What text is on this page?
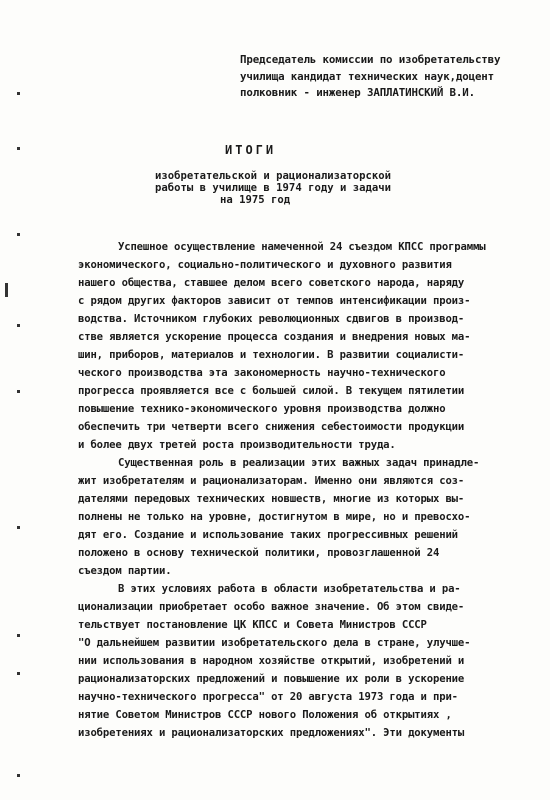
Председатель комиссии по изобретательству
училища кандидат технических наук,доцент
полковник - инженер ЗАПЛАТИНСКИЙ В.И.
ИТОГИ
изобретательской и рационализаторской
работы в училище в 1974 году и задачи
на 1975 год
Успешное осуществление намеченной 24 съездом КПСС программы
экономического, социально-политического и духовного развития
нашего общества, ставшее делом всего советского народа, наряду
с рядом других факторов зависит от темпов интенсификации произ-
водства. Источником глубоких революционных сдвигов в производ-
стве является ускорение процесса создания и внедрения новых ма-
шин, приборов, материалов и технологии. В развитии социалисти-
ческого производства эта закономерность научно-технического
прогресса проявляется все с большей силой. В текущем пятилетии
повышение технико-экономического уровня производства должно
обеспечить три четверти всего снижения себестоимости продукции
и более двух третей роста производительности труда.
Существенная роль в реализации этих важных задач принадле-
жит изобретателям и рационализаторам. Именно они являются соз-
дателями передовых технических новшеств, многие из которых вы-
полнены не только на уровне, достигнутом в мире, но и превосхо-
дят его. Создание и использование таких прогрессивных решений
положено в основу технической политики, провозглашенной 24
съездом партии.
В этих условиях работа в области изобретательства и ра-
ционализации приобретает особо важное значение. Об этом свиде-
тельствует постановление ЦК КПСС и Совета Министров СССР
"О дальнейшем развитии изобретательского дела в стране, улучше-
нии использования в народном хозяйстве открытий, изобретений и
рационализаторских предложений и повышение их роли в ускорение
научно-технического прогресса" от 20 августа 1973 года и при-
нятие Советом Министров СССР нового Положения об открытиях ,
изобретениях и рационализаторских предложениях". Эти документы
